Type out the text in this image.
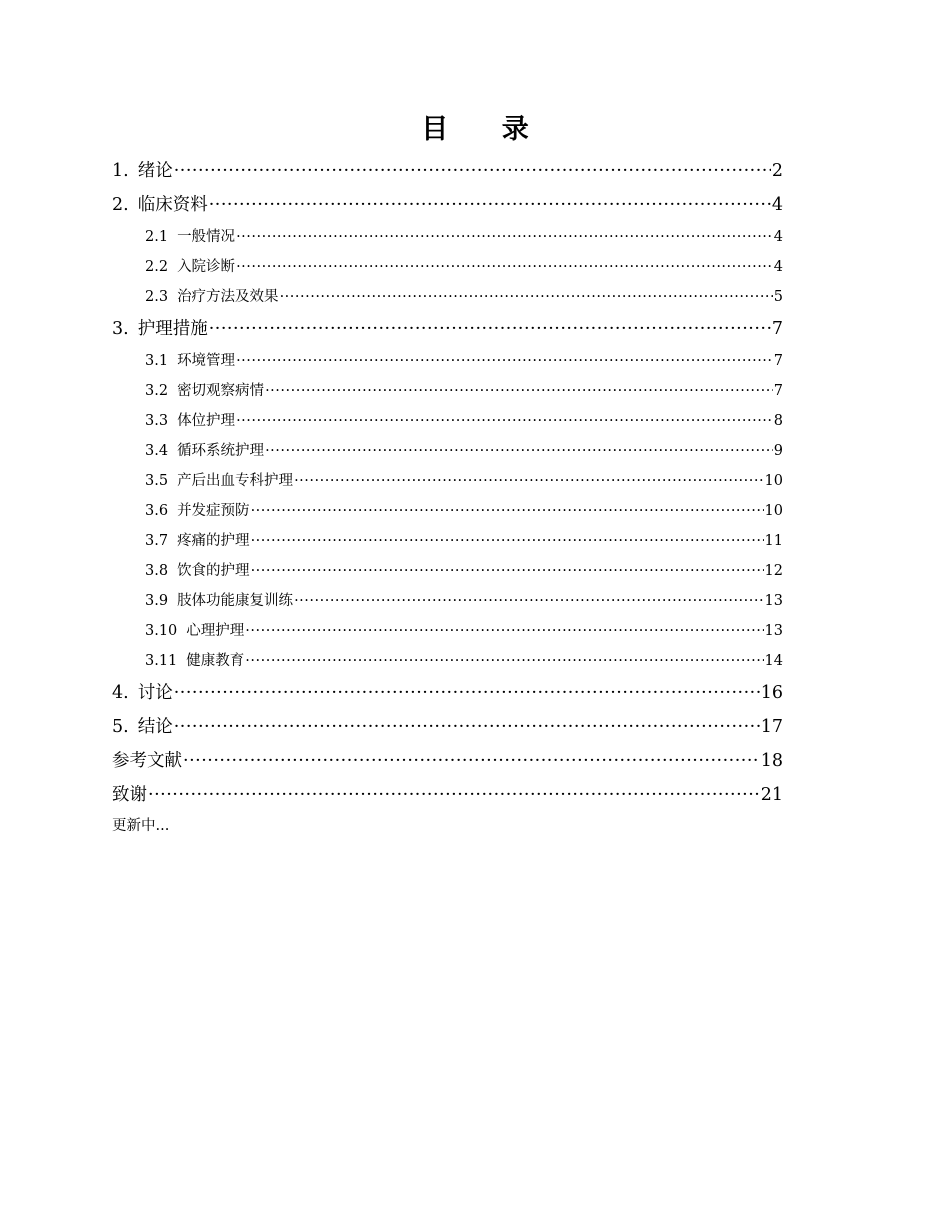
目 录
1. 绪论 ·····	2
2. 临床资料 ·····	4
2.1 一般情况 ·····	4
2.2 入院诊断 ·····	4
2.3 治疗方法及效果 ·····	5
3. 护理措施 ·····	7
3.1 环境管理 ·····	7
3.2 密切观察病情 ·····	7
3.3 体位护理 ·····	8
3.4 循环系统护理 ·····	9
3.5 产后出血专科护理 ·····	10
3.6 并发症预防 ·····	10
3.7 疼痛的护理 ·····	11
3.8 饮食的护理 ·····	12
3.9 肢体功能康复训练 ·····	13
3.10 心理护理 ·····	13
3.11 健康教育 ·····	14
4. 讨论 ·····	16
5. 结论 ·····	17
参考文献 ·····	18
致谢 ·····	21
更新中...
